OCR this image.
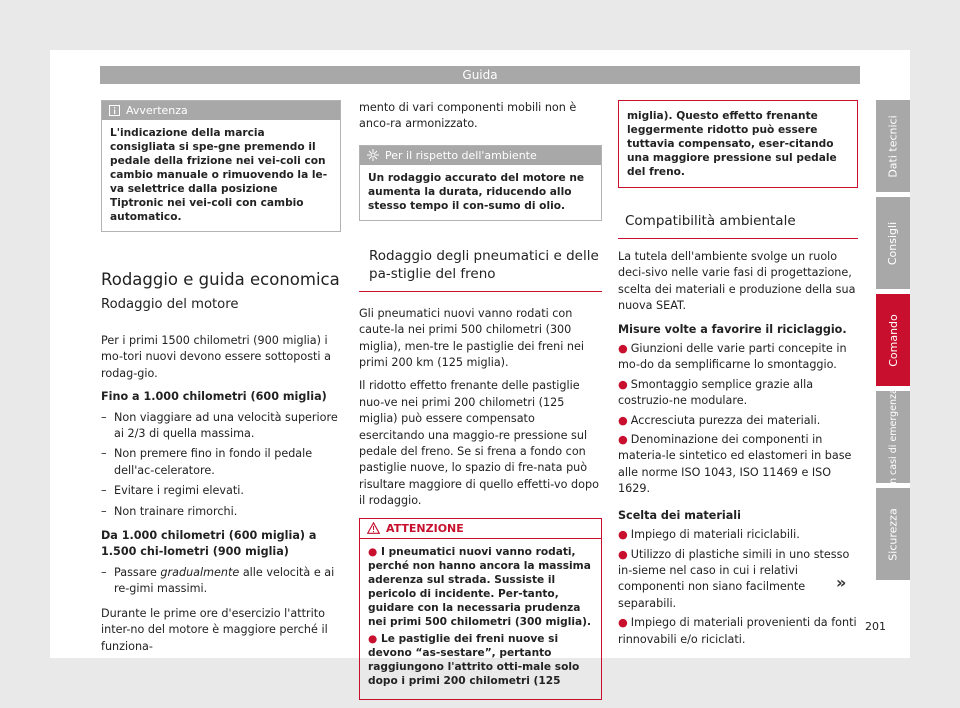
Guida
Avvertenza
L'indicazione della marcia consigliata si spe-gne premendo il pedale della frizione nei vei-coli con cambio manuale o rimuovendo la le-va selettrice dalla posizione Tiptronic nei vei-coli con cambio automatico.
Rodaggio e guida economica
Rodaggio del motore

Per i primi 1500 chilometri (900 miglia) i mo-tori nuovi devono essere sottoposti a rodag-gio.

Fino a 1.000 chilometri (600 miglia)
– Non viaggiare ad una velocità superiore ai 2/3 di quella massima.
– Non premere fino in fondo il pedale dell'ac-celeratore.
– Evitare i regimi elevati.
– Non trainare rimorchi.
Da 1.000 chilometri (600 miglia) a 1.500 chi-lometri (900 miglia)
– Passare gradualmente alle velocità e ai re-gimi massimi.

Durante le prime ore d'esercizio l'attrito inter-no del motore è maggiore perché il funziona-

mento di vari componenti mobili non è anco-ra armonizzato.

Per il rispetto dell'ambiente
Un rodaggio accurato del motore ne aumenta la durata, riducendo allo stesso tempo il con-sumo di olio.
Rodaggio degli pneumatici e delle pa-stiglie del freno

Gli pneumatici nuovi vanno rodati con caute-la nei primi 500 chilometri (300 miglia), men-tre le pastiglie dei freni nei primi 200 km (125 miglia).

Il ridotto effetto frenante delle pastiglie nuo-ve nei primi 200 chilometri (125 miglia) può essere compensato esercitando una maggio-re pressione sul pedale del freno. Se si frena a fondo con pastiglie nuove, lo spazio di fre-nata può risultare maggiore di quello effetti-vo dopo il rodaggio.

ATTENZIONE
● I pneumatici nuovi vanno rodati, perché non hanno ancora la massima aderenza sul strada. Sussiste il pericolo di incidente. Per-tanto, guidare con la necessaria prudenza nei primi 500 chilometri (300 miglia).
● Le pastiglie dei freni nuove si devono “as-sestare”, pertanto raggiungono l'attrito otti-male solo dopo i primi 200 chilometri (125
miglia). Questo effetto frenante leggermente ridotto può essere tuttavia compensato, eser-citando una maggiore pressione sul pedale del freno.
Compatibilità ambientale

La tutela dell'ambiente svolge un ruolo deci-sivo nelle varie fasi di progettazione, scelta dei materiali e produzione della sua nuova SEAT.

Misure volte a favorire il riciclaggio.
● Giunzioni delle varie parti concepite in mo-do da semplificarne lo smontaggio.
● Smontaggio semplice grazie alla costruzio-ne modulare.
● Accresciuta purezza dei materiali.
● Denominazione dei componenti in materia-le sintetico ed elastomeri in base alle norme ISO 1043, ISO 11469 e ISO 1629.
Scelta dei materiali
● Impiego di materiali riciclabili.
● Utilizzo di plastiche simili in uno stesso in-sieme nel caso in cui i relativi componenti non siano facilmente separabili.
● Impiego di materiali provenienti da fonti rinnovabili e/o riciclati.
»
201
Dati tecnici
Consigli
Comando
In casi di emergenza
Sicurezza
